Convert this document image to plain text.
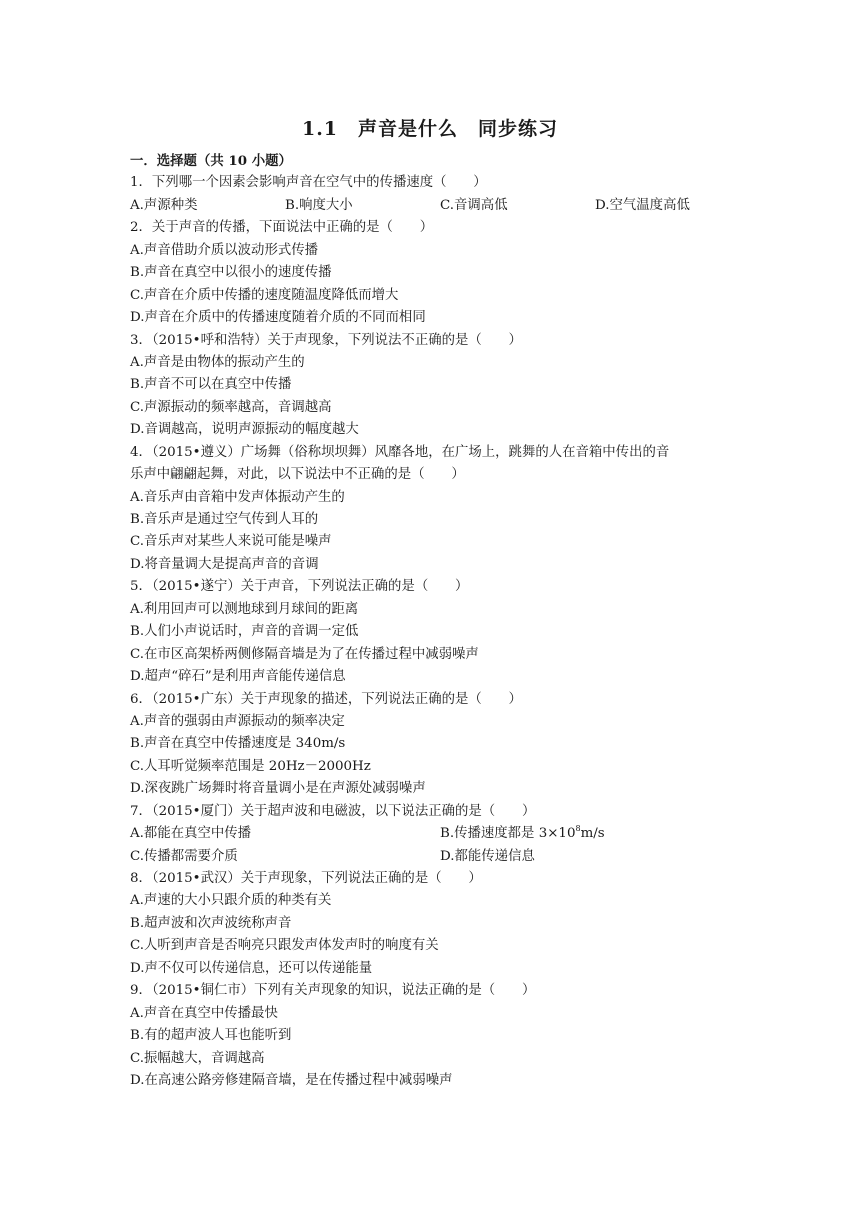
1.1　声音是什么　同步练习
一．选择题（共 10 小题）
1．下列哪一个因素会影响声音在空气中的传播速度（　　）
A.声源种类	B.响度大小	C.音调高低	D.空气温度高低
2．关于声音的传播，下面说法中正确的是（　　）
A.声音借助介质以波动形式传播
B.声音在真空中以很小的速度传播
C.声音在介质中传播的速度随温度降低而增大
D.声音在介质中的传播速度随着介质的不同而相同
3．（2015•呼和浩特）关于声现象，下列说法不正确的是（　　）
A.声音是由物体的振动产生的
B.声音不可以在真空中传播
C.声源振动的频率越高，音调越高
D.音调越高，说明声源振动的幅度越大
4．（2015•遵义）广场舞（俗称坝坝舞）风靡各地，在广场上，跳舞的人在音箱中传出的音
乐声中翩翩起舞，对此，以下说法中不正确的是（　　）
A.音乐声由音箱中发声体振动产生的
B.音乐声是通过空气传到人耳的
C.音乐声对某些人来说可能是噪声
D.将音量调大是提高声音的音调
5．（2015•遂宁）关于声音，下列说法正确的是（　　）
A.利用回声可以测地球到月球间的距离
B.人们小声说话时，声音的音调一定低
C.在市区高架桥两侧修隔音墙是为了在传播过程中减弱噪声
D.超声“碎石”是利用声音能传递信息
6．（2015•广东）关于声现象的描述，下列说法正确的是（　　）
A.声音的强弱由声源振动的频率决定
B.声音在真空中传播速度是 340m/s
C.人耳听觉频率范围是 20Hz－2000Hz
D.深夜跳广场舞时将音量调小是在声源处减弱噪声
7．（2015•厦门）关于超声波和电磁波，以下说法正确的是（　　）
A.都能在真空中传播	B.传播速度都是 $3\times 10^8m/s$
C.传播都需要介质	D.都能传递信息
8．（2015•武汉）关于声现象，下列说法正确的是（　　）
A.声速的大小只跟介质的种类有关
B.超声波和次声波统称声音
C.人听到声音是否响亮只跟发声体发声时的响度有关
D.声不仅可以传递信息，还可以传递能量
9．（2015•铜仁市）下列有关声现象的知识，说法正确的是（　　）
A.声音在真空中传播最快
B.有的超声波人耳也能听到
C.振幅越大，音调越高
D.在高速公路旁修建隔音墙，是在传播过程中减弱噪声
